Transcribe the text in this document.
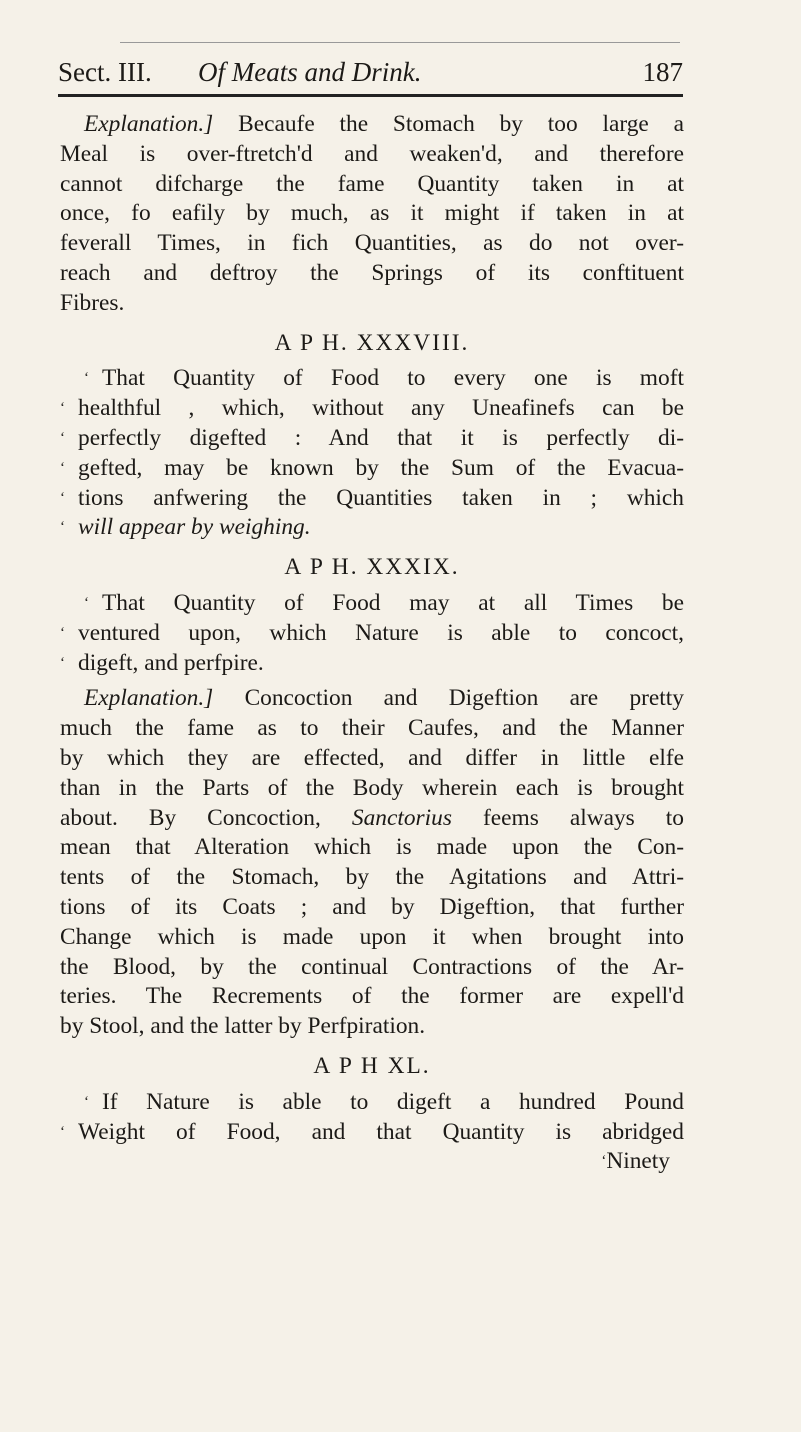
Sect. III. Of Meats and Drink.	187
Explanation.] Becaufe the Stomach by too large a
Meal is over-ftretch'd and weaken'd, and therefore
cannot difcharge the fame Quantity taken in at
once, fo eafily by much, as it might if taken in at
feverall Times, in fich Quantities, as do not over-
reach and deftroy the Springs of its conftituent
Fibres.
A P H. XXXVIII.
‘ That Quantity of Food to every one is moft
‘ healthful , which, without any Uneafinefs can be
‘ perfectly digefted : And that it is perfectly di-
‘ gefted, may be known by the Sum of the Evacua-
‘ tions anfwering the Quantities taken in ; which
‘ will appear by weighing.
A P H. XXXIX.
‘ That Quantity of Food may at all Times be
‘ ventured upon, which Nature is able to concoct,
‘ digeft, and perfpire.
Explanation.] Concoction and Digeftion are pretty
much the fame as to their Caufes, and the Manner
by which they are effected, and differ in little elfe
than in the Parts of the Body wherein each is brought
about. By Concoction, Sanctorius feems always to
mean that Alteration which is made upon the Con-
tents of the Stomach, by the Agitations and Attri-
tions of its Coats ; and by Digeftion, that further
Change which is made upon it when brought into
the Blood, by the continual Contractions of the Ar-
teries. The Recrements of the former are expell'd
by Stool, and the latter by Perfpiration.
A P H XL.
‘ If Nature is able to digeft a hundred Pound
‘ Weight of Food, and that Quantity is abridged
‘Ninety
